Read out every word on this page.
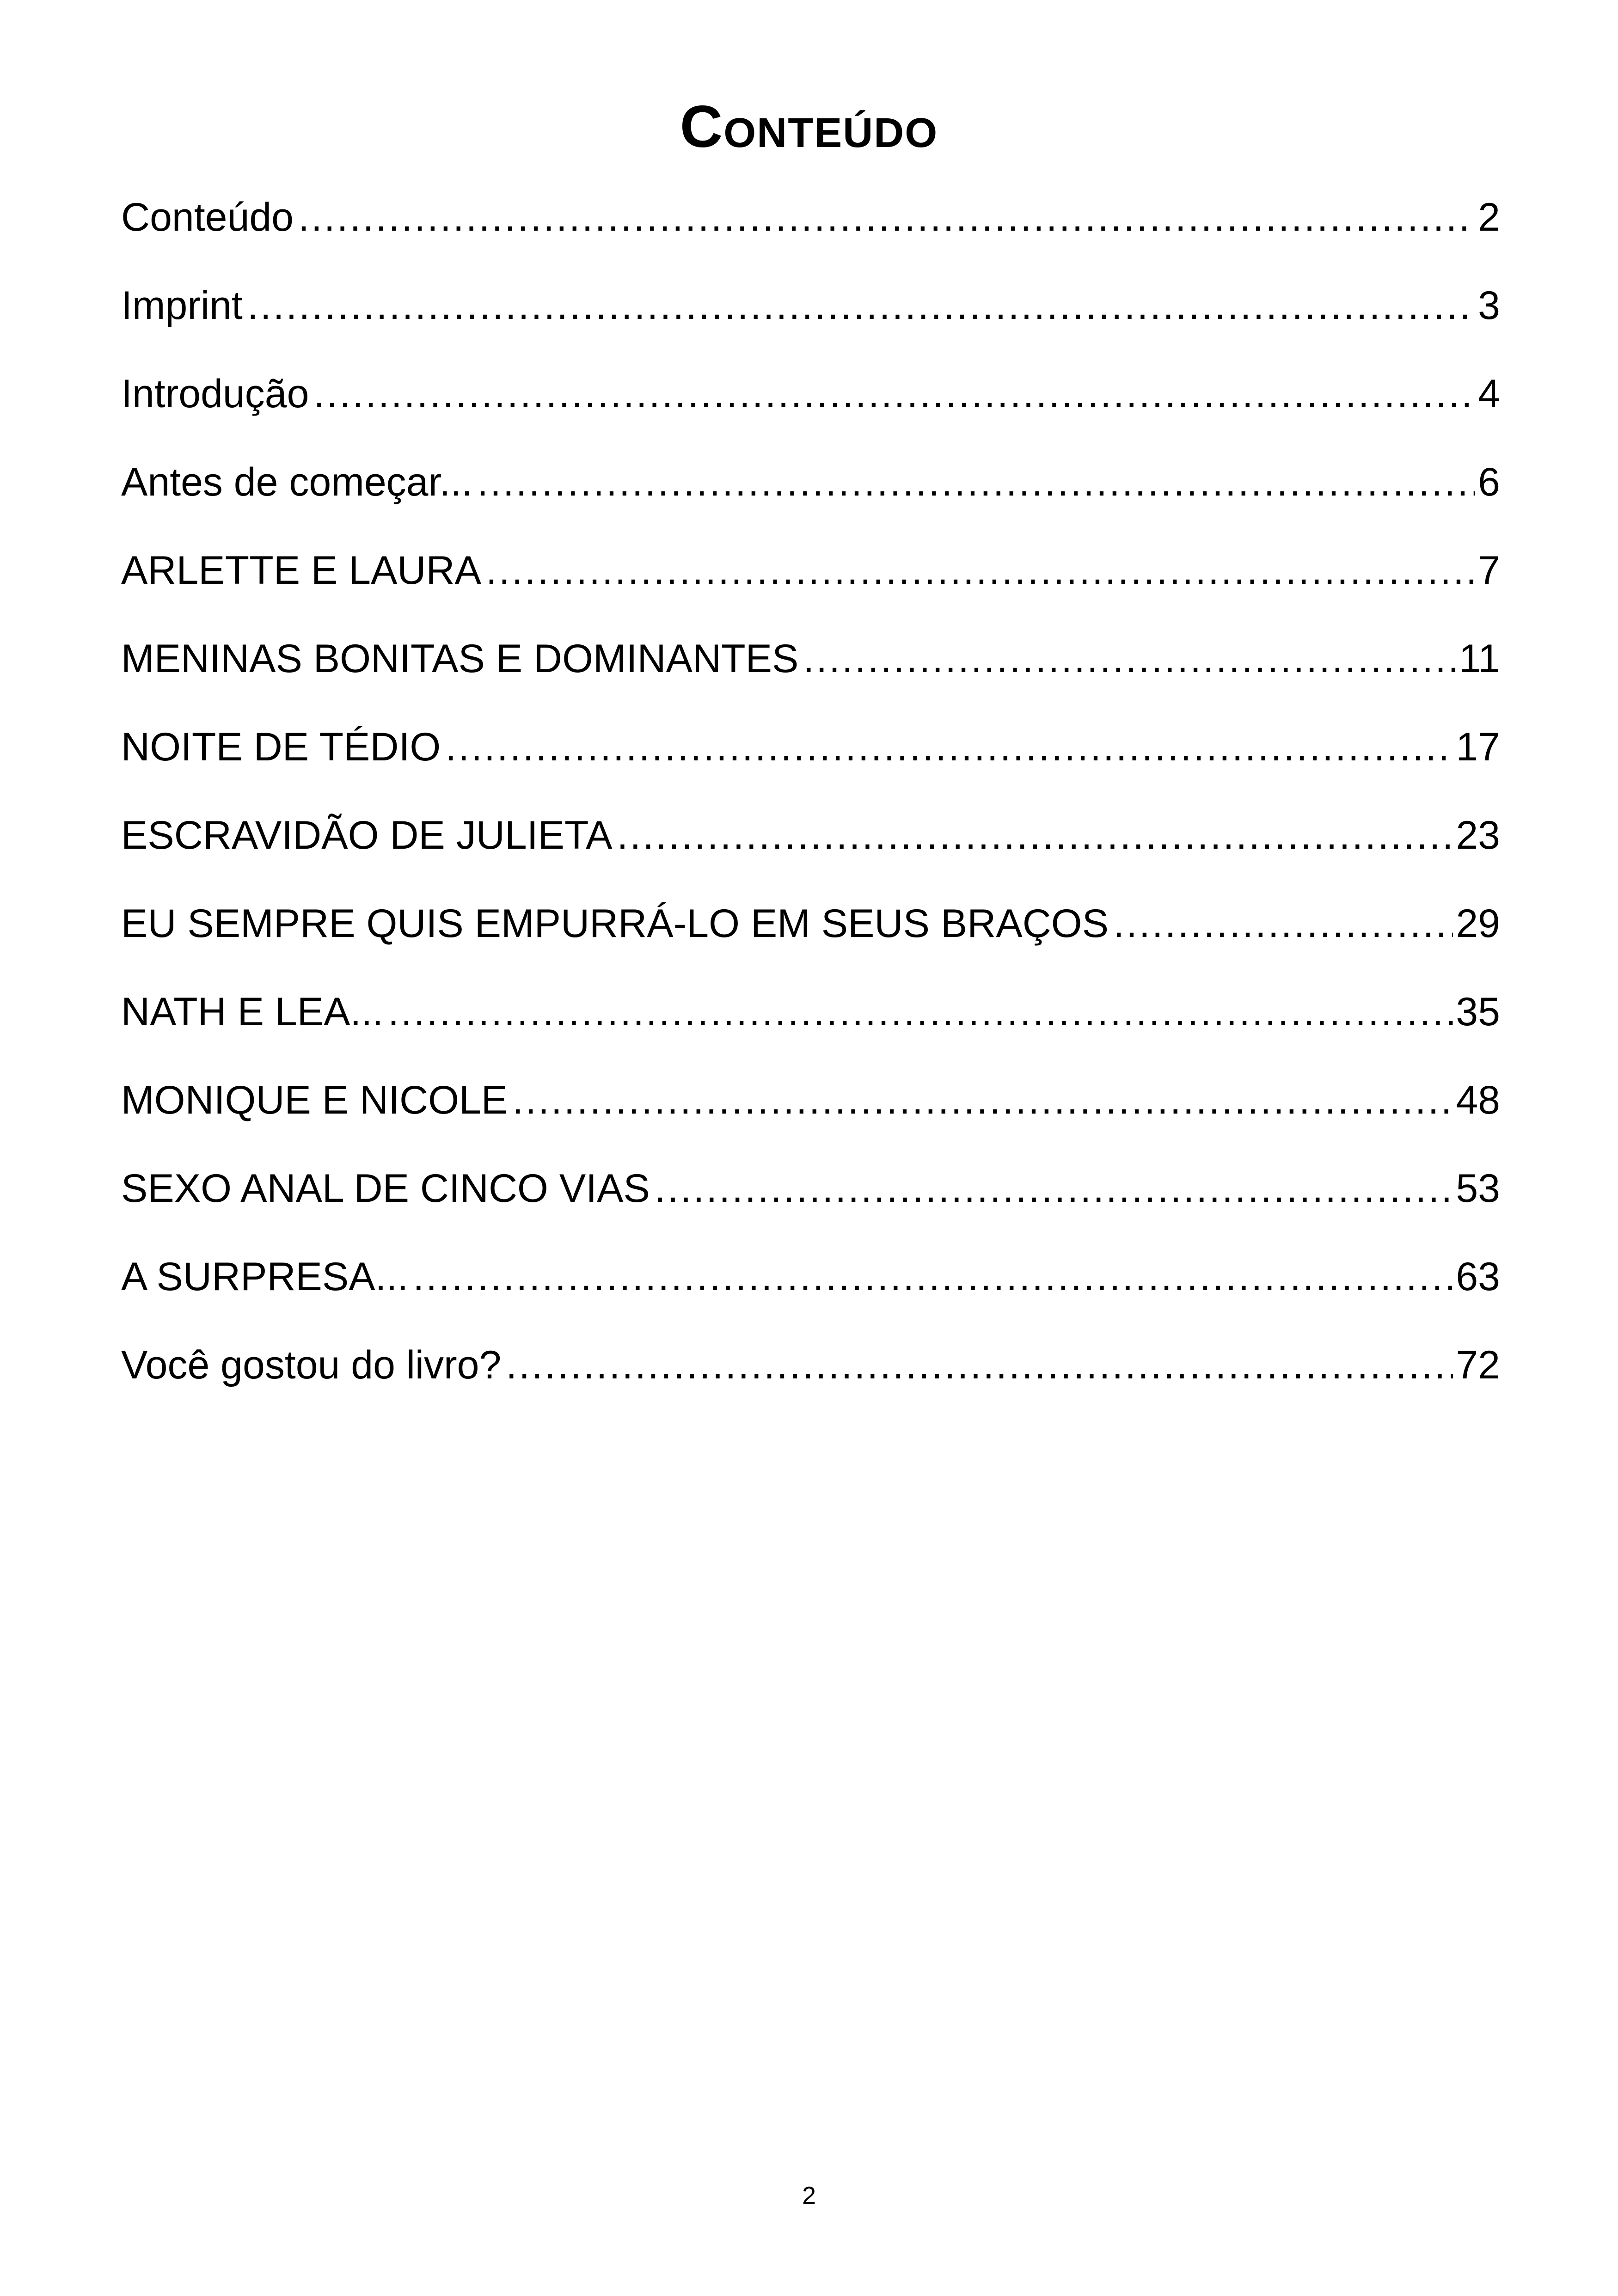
Conteúdo
Conteúdo .....	2
Imprint .....	3
Introdução .....	4
Antes de começar... .....	6
ARLETTE E LAURA .....	7
MENINAS BONITAS E DOMINANTES .....	11
NOITE DE TÉDIO .....	17
ESCRAVIDÃO DE JULIETA .....	23
EU SEMPRE QUIS EMPURRÁ-LO EM SEUS BRAÇOS .....	29
NATH E LEA... .....	35
MONIQUE E NICOLE .....	48
SEXO ANAL DE CINCO VIAS .....	53
A SURPRESA... .....	63
Você gostou do livro? .....	72
2
